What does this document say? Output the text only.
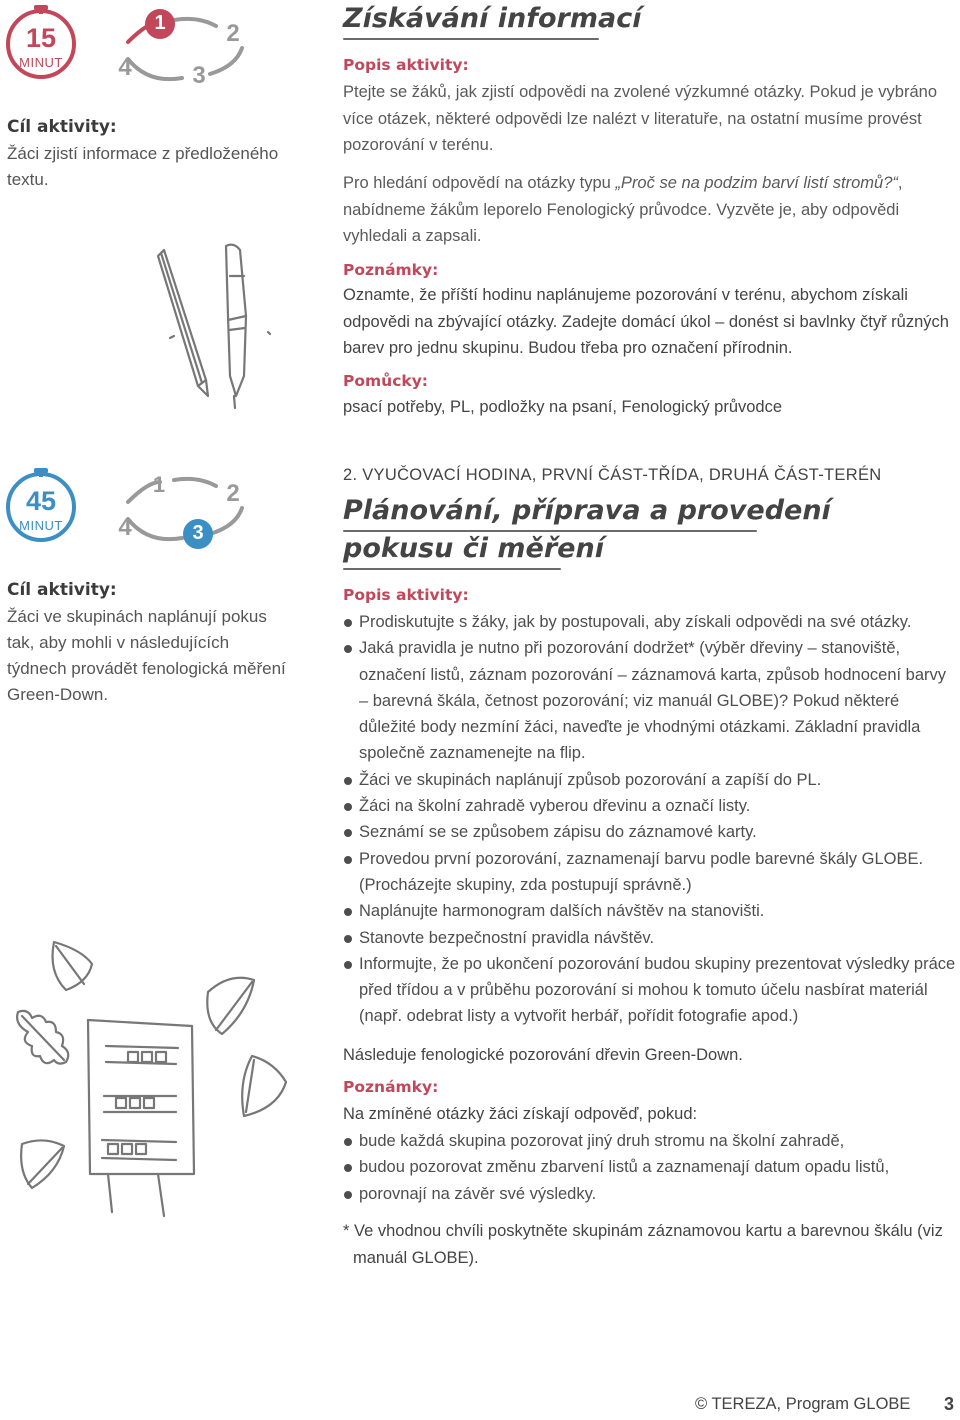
15
MINUT
1	2
3
4
Cíl aktivity:
Žáci zjistí informace z předloženého textu.
Získávání informací
Popis aktivity:
Ptejte se žáků, jak zjistí odpovědi na zvolené výzkumné otázky. Pokud je vybráno více otázek, některé odpovědi lze nalézt v literatuře, na ostatní musíme provést pozorování v terénu.
Pro hledání odpovědí na otázky typu „Proč se na podzim barví listí stromů?“, nabídneme žákům leporelo Fenologický průvodce. Vyzvěte je, aby odpovědi vyhledali a zapsali.
Poznámky:
Oznamte, že příští hodinu naplánujeme pozorování v terénu, abychom získali odpovědi na zbývající otázky. Zadejte domácí úkol – donést si bavlnky čtyř různých barev pro jednu skupinu. Budou třeba pro označení přírodnin.
Pomůcky:
psací potřeby, PL, podložky na psaní, Fenologický průvodce
45
MINUT
1	2
3
4
Cíl aktivity:
Žáci ve skupinách naplánují pokus tak, aby mohli v následujících týdnech provádět fenologická měření Green-Down.
2. VYUČOVACÍ HODINA, PRVNÍ ČÁST-TŘÍDA, DRUHÁ ČÁST-TERÉN
Plánování, příprava a provedení
pokusu či měření
Popis aktivity:
Prodiskutujte s žáky, jak by postupovali, aby získali odpovědi na své otázky.
Jaká pravidla je nutno při pozorování dodržet* (výběr dřeviny – stanoviště, označení listů, záznam pozorování – záznamová karta, způsob hodnocení barvy – barevná škála, četnost pozorování; viz manuál GLOBE)? Pokud některé důležité body nezmíní žáci, naveďte je vhodnými otázkami. Základní pravidla společně zaznamenejte na flip.
Žáci ve skupinách naplánují způsob pozorování a zapíší do PL.
Žáci na školní zahradě vyberou dřevinu a označí listy.
Seznámí se se způsobem zápisu do záznamové karty.
Provedou první pozorování, zaznamenají barvu podle barevné škály GLOBE. (Procházejte skupiny, zda postupují správně.)
Naplánujte harmonogram dalších návštěv na stanovišti.
Stanovte bezpečnostní pravidla návštěv.
Informujte, že po ukončení pozorování budou skupiny prezentovat výsledky práce před třídou a v průběhu pozorování si mohou k tomuto účelu nasbírat materiál (např. odebrat listy a vytvořit herbář, pořídit fotografie apod.)
Následuje fenologické pozorování dřevin Green-Down.
Poznámky:
Na zmíněné otázky žáci získají odpověď, pokud:
bude každá skupina pozorovat jiný druh stromu na školní zahradě,
budou pozorovat změnu zbarvení listů a zaznamenají datum opadu listů,
porovnají na závěr své výsledky.
* Ve vhodnou chvíli poskytněte skupinám záznamovou kartu a barevnou škálu (viz manuál GLOBE).
© TEREZA, Program GLOBE 3
